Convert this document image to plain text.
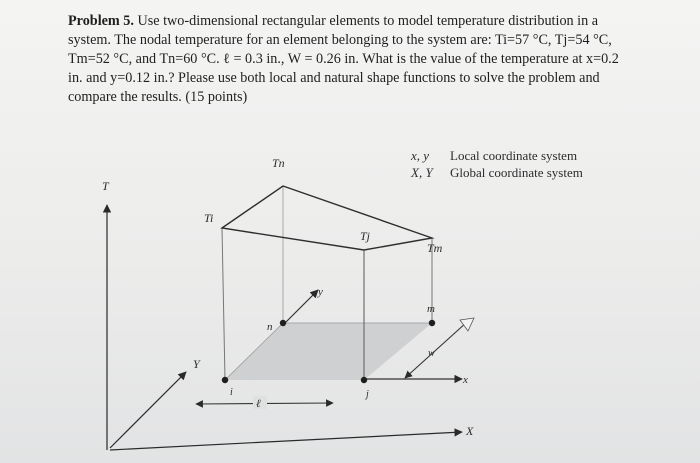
Problem 5. Use two-dimensional rectangular elements to model temperature distribution in a system. The nodal temperature for an element belonging to the system are: Ti=57 °C, Tj=54 °C, Tm=52 °C, and Tn=60 °C. ℓ = 0.3 in., W = 0.26 in. What is the value of the temperature at x=0.2 in. and y=0.12 in.? Please use both local and natural shape functions to solve the problem and compare the results. (15 points)

T
Y
X
x
y
ℓ
w
i	j
n
m
Tn
Ti
Tj
Tm
x, y Local coordinate system
X, Y Global coordinate system
